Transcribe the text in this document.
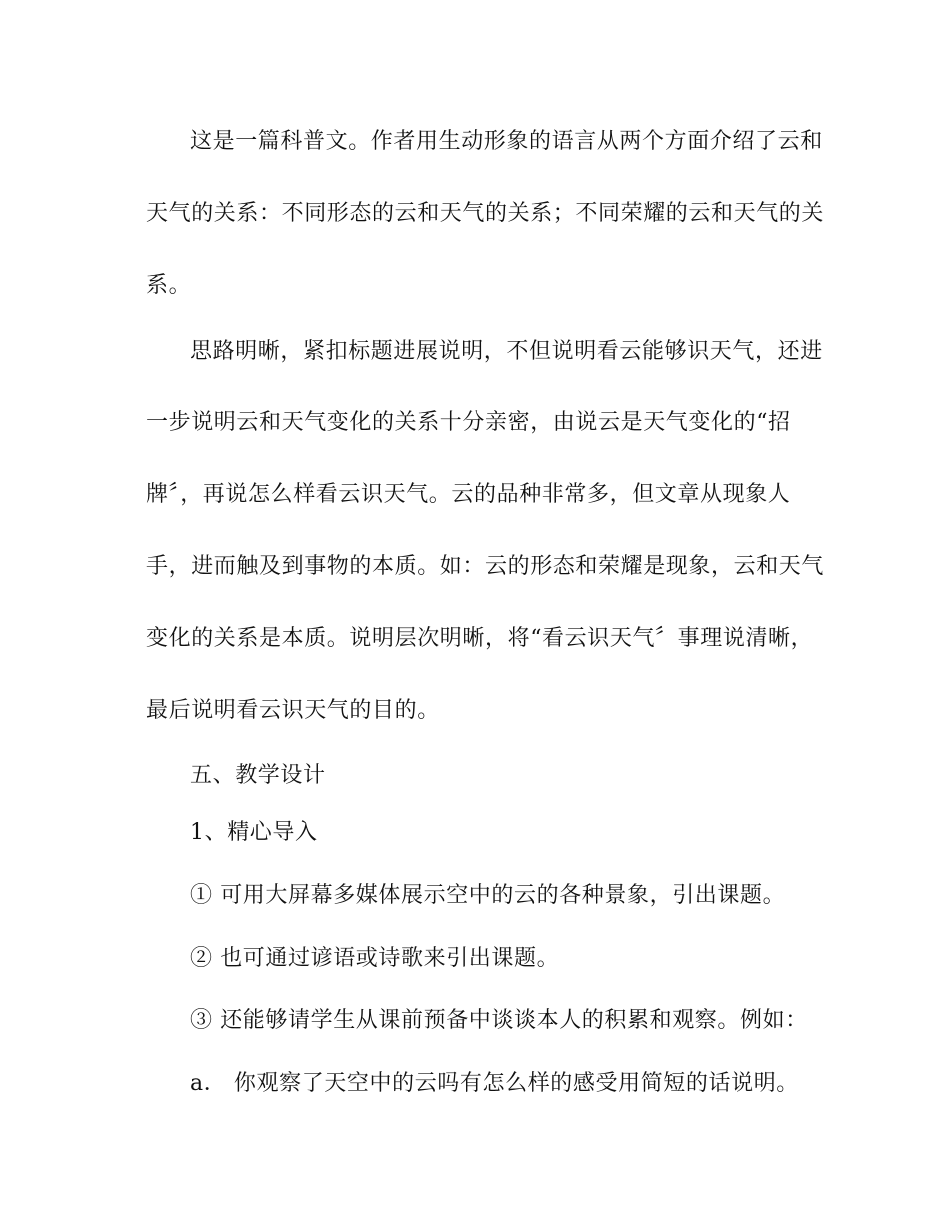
这是一篇科普文。作者用生动形象的语言从两个方面介绍了云和
天气的关系：不同形态的云和天气的关系；不同荣耀的云和天气的关
系。
思路明晰，紧扣标题进展说明，不但说明看云能够识天气，还进
一步说明云和天气变化的关系十分亲密，由说云是天气变化的“招
牌〞，再说怎么样看云识天气。云的品种非常多，但文章从现象人
手，进而触及到事物的本质。如：云的形态和荣耀是现象，云和天气
变化的关系是本质。说明层次明晰，将“看云识天气〞事理说清晰，
最后说明看云识天气的目的。
五、教学设计
1、精心导入
① 可用大屏幕多媒体展示空中的云的各种景象，引出课题。
② 也可通过谚语或诗歌来引出课题。
③ 还能够请学生从课前预备中谈谈本人的积累和观察。例如：
a． 你观察了天空中的云吗有怎么样的感受用简短的话说明。
